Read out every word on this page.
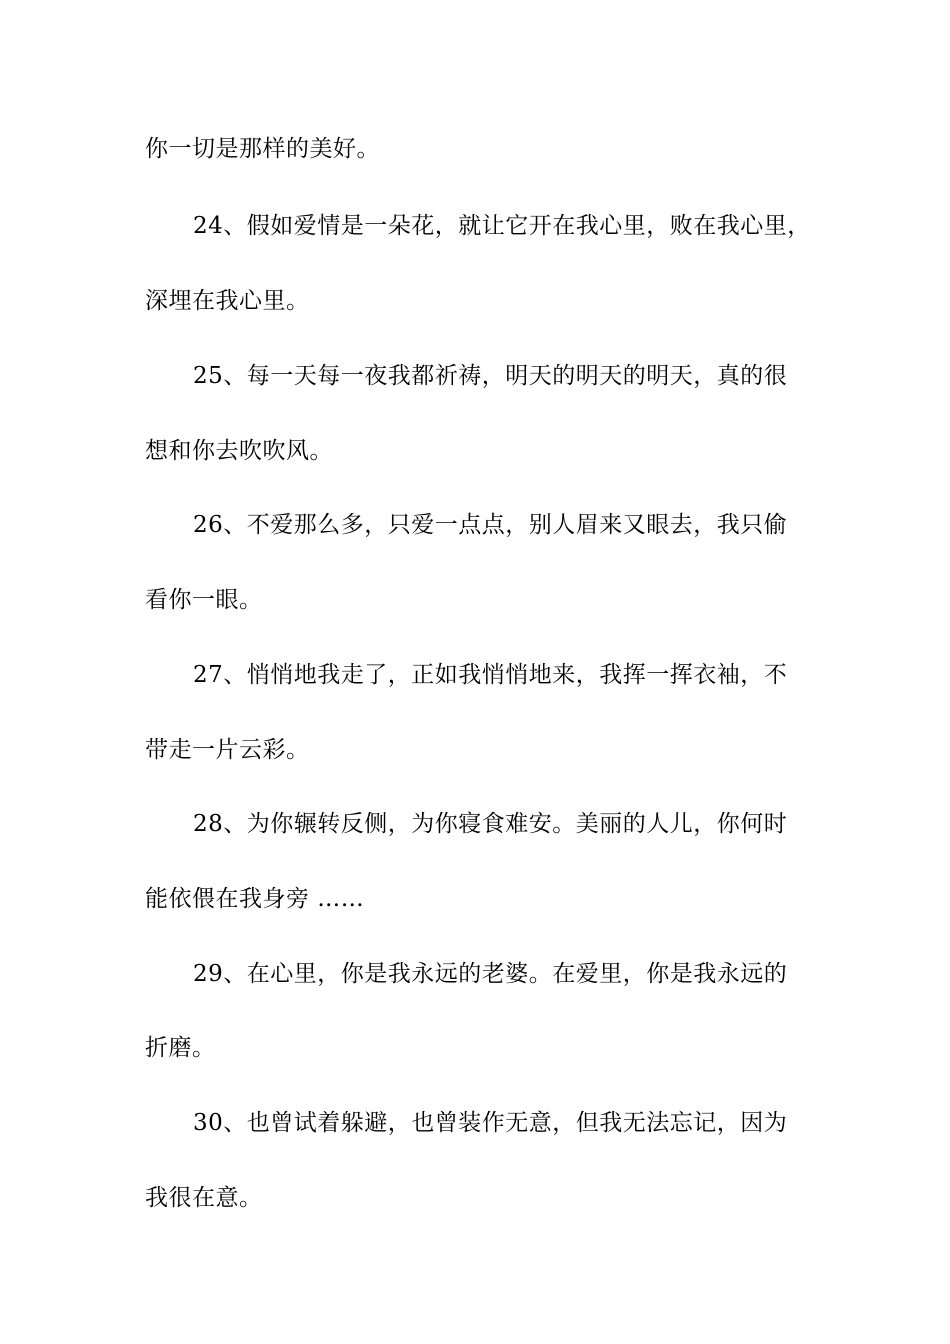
你一切是那样的美好。
24、假如爱情是一朵花，就让它开在我心里，败在我心里，
深埋在我心里。
25、每一天每一夜我都祈祷，明天的明天的明天，真的很
想和你去吹吹风。
26、不爱那么多，只爱一点点，别人眉来又眼去，我只偷
看你一眼。
27、悄悄地我走了，正如我悄悄地来，我挥一挥衣袖，不
带走一片云彩。
28、为你辗转反侧，为你寝食难安。美丽的人儿，你何时
能依偎在我身旁 ……
29、在心里，你是我永远的老婆。在爱里，你是我永远的
折磨。
30、也曾试着躲避，也曾装作无意，但我无法忘记，因为
我很在意。
